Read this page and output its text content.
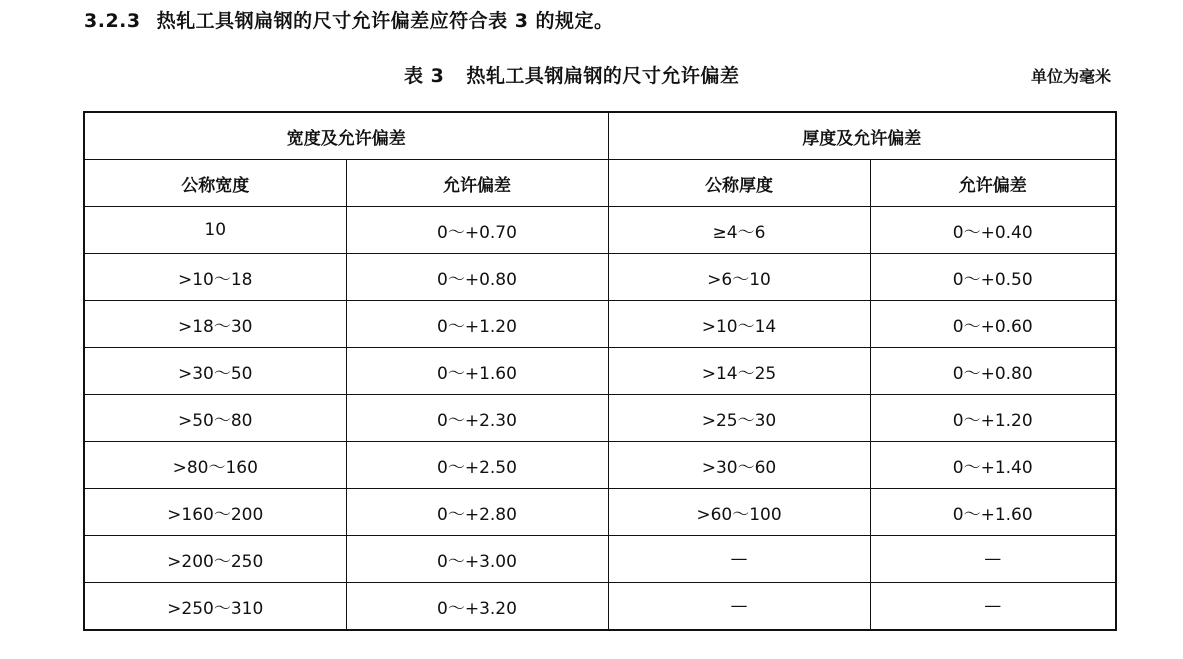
3.2.3 热轧工具钢扁钢的尺寸允许偏差应符合表 3 的规定。
表 3 热轧工具钢扁钢的尺寸允许偏差	单位为毫米
宽度及允许偏差		厚度及允许偏差	
公称宽度	允许偏差	公称厚度	允许偏差
10	0～+0.70	≥4～6	0～+0.40
>10～18	0～+0.80	>6～10	0～+0.50
>18～30	0～+1.20	>10～14	0～+0.60
>30～50	0～+1.60	>14～25	0～+0.80
>50～80	0～+2.30	>25～30	0～+1.20
>80～160	0～+2.50	>30～60	0～+1.40
>160～200	0～+2.80	>60～100	0～+1.60
>200～250	0～+3.00	—	—
>250～310	0～+3.20	—	—
